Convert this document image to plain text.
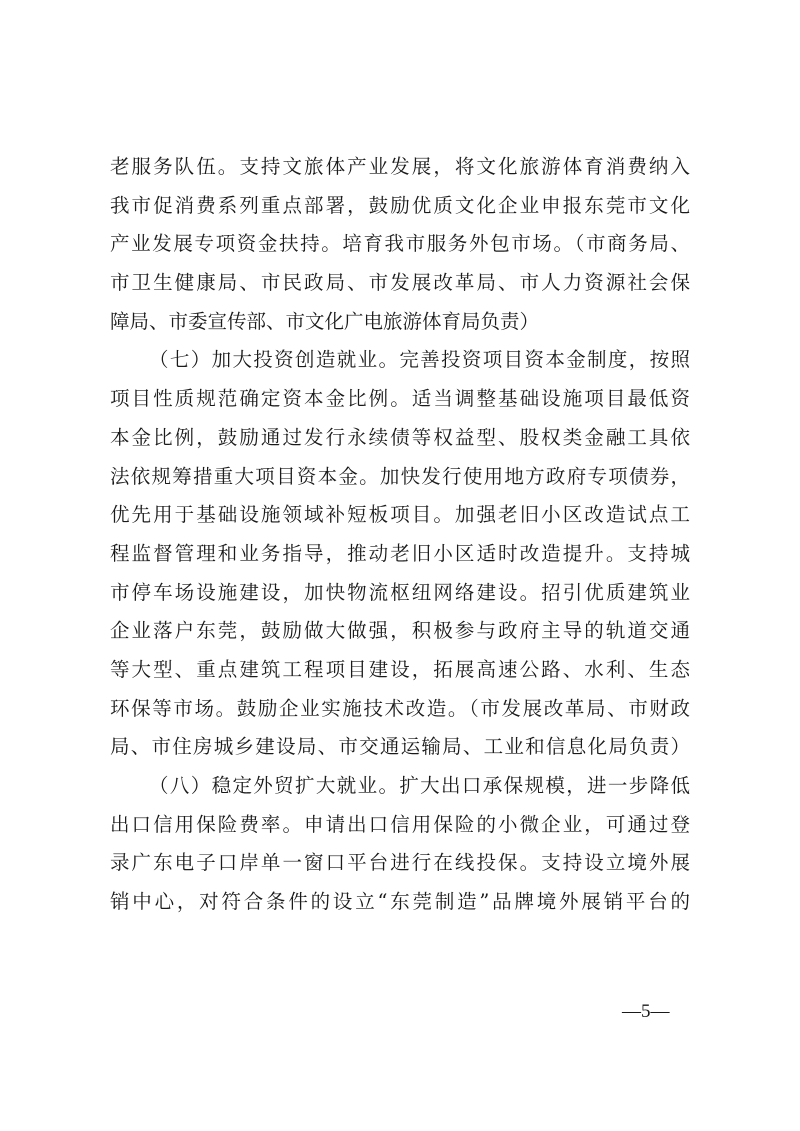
老服务队伍。支持文旅体产业发展，将文化旅游体育消费纳入
我市促消费系列重点部署，鼓励优质文化企业申报东莞市文化
产业发展专项资金扶持。培育我市服务外包市场。（市商务局、
市卫生健康局、市民政局、市发展改革局、市人力资源社会保
障局、市委宣传部、市文化广电旅游体育局负责）
（七）加大投资创造就业。完善投资项目资本金制度，按照
项目性质规范确定资本金比例。适当调整基础设施项目最低资
本金比例，鼓励通过发行永续债等权益型、股权类金融工具依
法依规筹措重大项目资本金。加快发行使用地方政府专项债券，
优先用于基础设施领域补短板项目。加强老旧小区改造试点工
程监督管理和业务指导，推动老旧小区适时改造提升。支持城
市停车场设施建设，加快物流枢纽网络建设。招引优质建筑业
企业落户东莞，鼓励做大做强，积极参与政府主导的轨道交通
等大型、重点建筑工程项目建设，拓展高速公路、水利、生态
环保等市场。鼓励企业实施技术改造。（市发展改革局、市财政
局、市住房城乡建设局、市交通运输局、工业和信息化局负责）
（八）稳定外贸扩大就业。扩大出口承保规模，进一步降低
出口信用保险费率。申请出口信用保险的小微企业，可通过登
录广东电子口岸单一窗口平台进行在线投保。支持设立境外展
销中心，对符合条件的设立“东莞制造”品牌境外展销平台的
—5—
